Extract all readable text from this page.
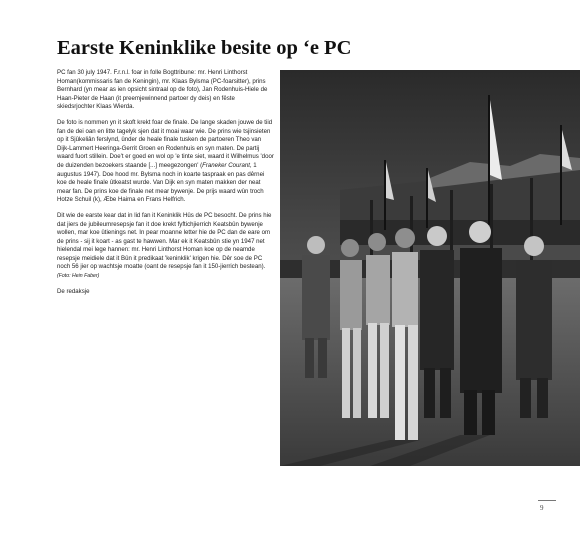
Earste Keninklike besite op ‘e PC

PC fan 30 july 1947. F.r.n.l. foar in folle Bogttribune: mr. Henri Linthorst Homan(kommissaris fan de Keningin), mr. Klaas Bylsma (PC-foarsitter), prins Bernhard (yn mear as ien opsicht sintraal op de foto), Jan Rodenhuis-Hiele de Haan-Pieter de Haan (it preemjewinnend partoer dy deis) en fêste skiedsrjochter Klaas Wierda.

De foto is nommen yn it skoft krekt foar de finale. De lange skaden jouwe de tiid fan de dei oan en litte tagelyk sjen dat it moai waar wie. De prins wie tsjinsieten op it Sjûkeliân ferslynd, ûnder de heale finale tusken de partoeren Theo van Dijk-Lammert Heeringa-Gerrit Groen en Rodenhuis en syn maten. De partij waard fuort stillein. Doe't er goed en wol op 'e tinte siet, waard it Wilhelmus 'door de duizenden bezoekers staande [...] meegezongen' (Franeker Courant, 1 augustus 1947). Doe hood mr. Bylsma noch in koarte taspraak en pas dêrnei koe de heale finale ûtkeatst wurde. Van Dijk en syn maten makken der neat mear fan. De prins koe de finale net mear bywenje. De prijs waard wûn troch Hotze Schuil (k), Æbe Haima en Frans Helfrich.

Dit wie de earste kear dat in lid fan it Keninklik Hûs de PC besocht. De prins hie dat jiers de jubileumresepsje fan it doe krekt fyftichjierrich Keatsbûn bywenje wollen, mar koe ûtienings net. In pear moanne letter hie de PC dan de eare om de prins - sij it koart - as gast te hawwen. Mar ek it Keatsbûn stie yn 1947 net hielendal mei lege hannen: mr. Henri Linthorst Homan koe op de neamde resepsje meidiele dat it Bûn it predikaat 'keninklik' krigen hie. Dêr soe de PC noch 56 jier op wachtsje moatte (oant de resepsje fan it 150-jierrich bestean). (Foto: Hein Faber)

De redaksje

9
